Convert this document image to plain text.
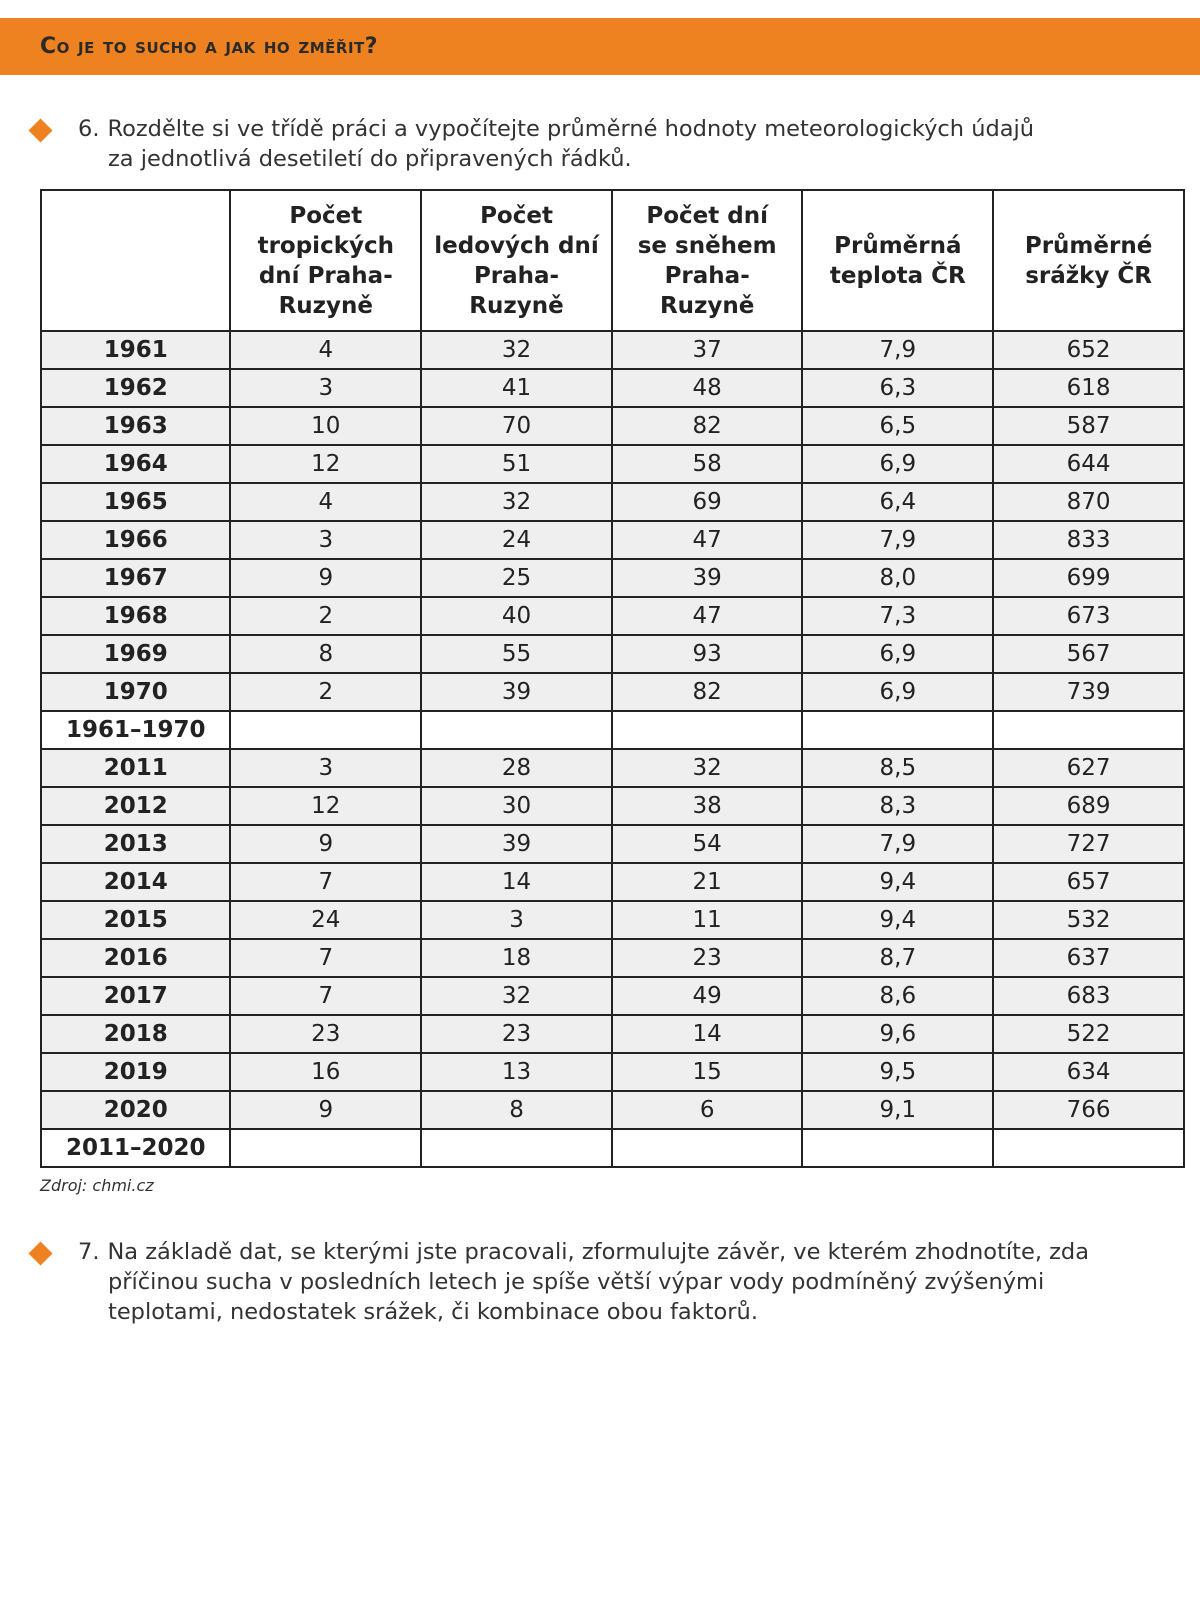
Co je to sucho a jak ho změřit?
6. Rozdělte si ve třídě práci a vypočítejte průměrné hodnoty meteorologických údajů
za jednotlivá desetiletí do připravených řádků.
	Počet
tropických
dní Praha-
Ruzyně	Počet
ledových dní
Praha-Ruzyně	Počet dní
se sněhem
Praha-Ruzyně	Průměrná
teplota ČR	Průměrné
srážky ČR
1961	4	32	37	7,9	652
1962	3	41	48	6,3	618
1963	10	70	82	6,5	587
1964	12	51	58	6,9	644
1965	4	32	69	6,4	870
1966	3	24	47	7,9	833
1967	9	25	39	8,0	699
1968	2	40	47	7,3	673
1969	8	55	93	6,9	567
1970	2	39	82	6,9	739
1961–1970					
2011	3	28	32	8,5	627
2012	12	30	38	8,3	689
2013	9	39	54	7,9	727
2014	7	14	21	9,4	657
2015	24	3	11	9,4	532
2016	7	18	23	8,7	637
2017	7	32	49	8,6	683
2018	23	23	14	9,6	522
2019	16	13	15	9,5	634
2020	9	8	6	9,1	766
2011–2020					
Zdroj: chmi.cz
7. Na základě dat, se kterými jste pracovali, zformulujte závěr, ve kterém zhodnotíte, zda
příčinou sucha v posledních letech je spíše větší výpar vody podmíněný zvýšenými
teplotami, nedostatek srážek, či kombinace obou faktorů.
